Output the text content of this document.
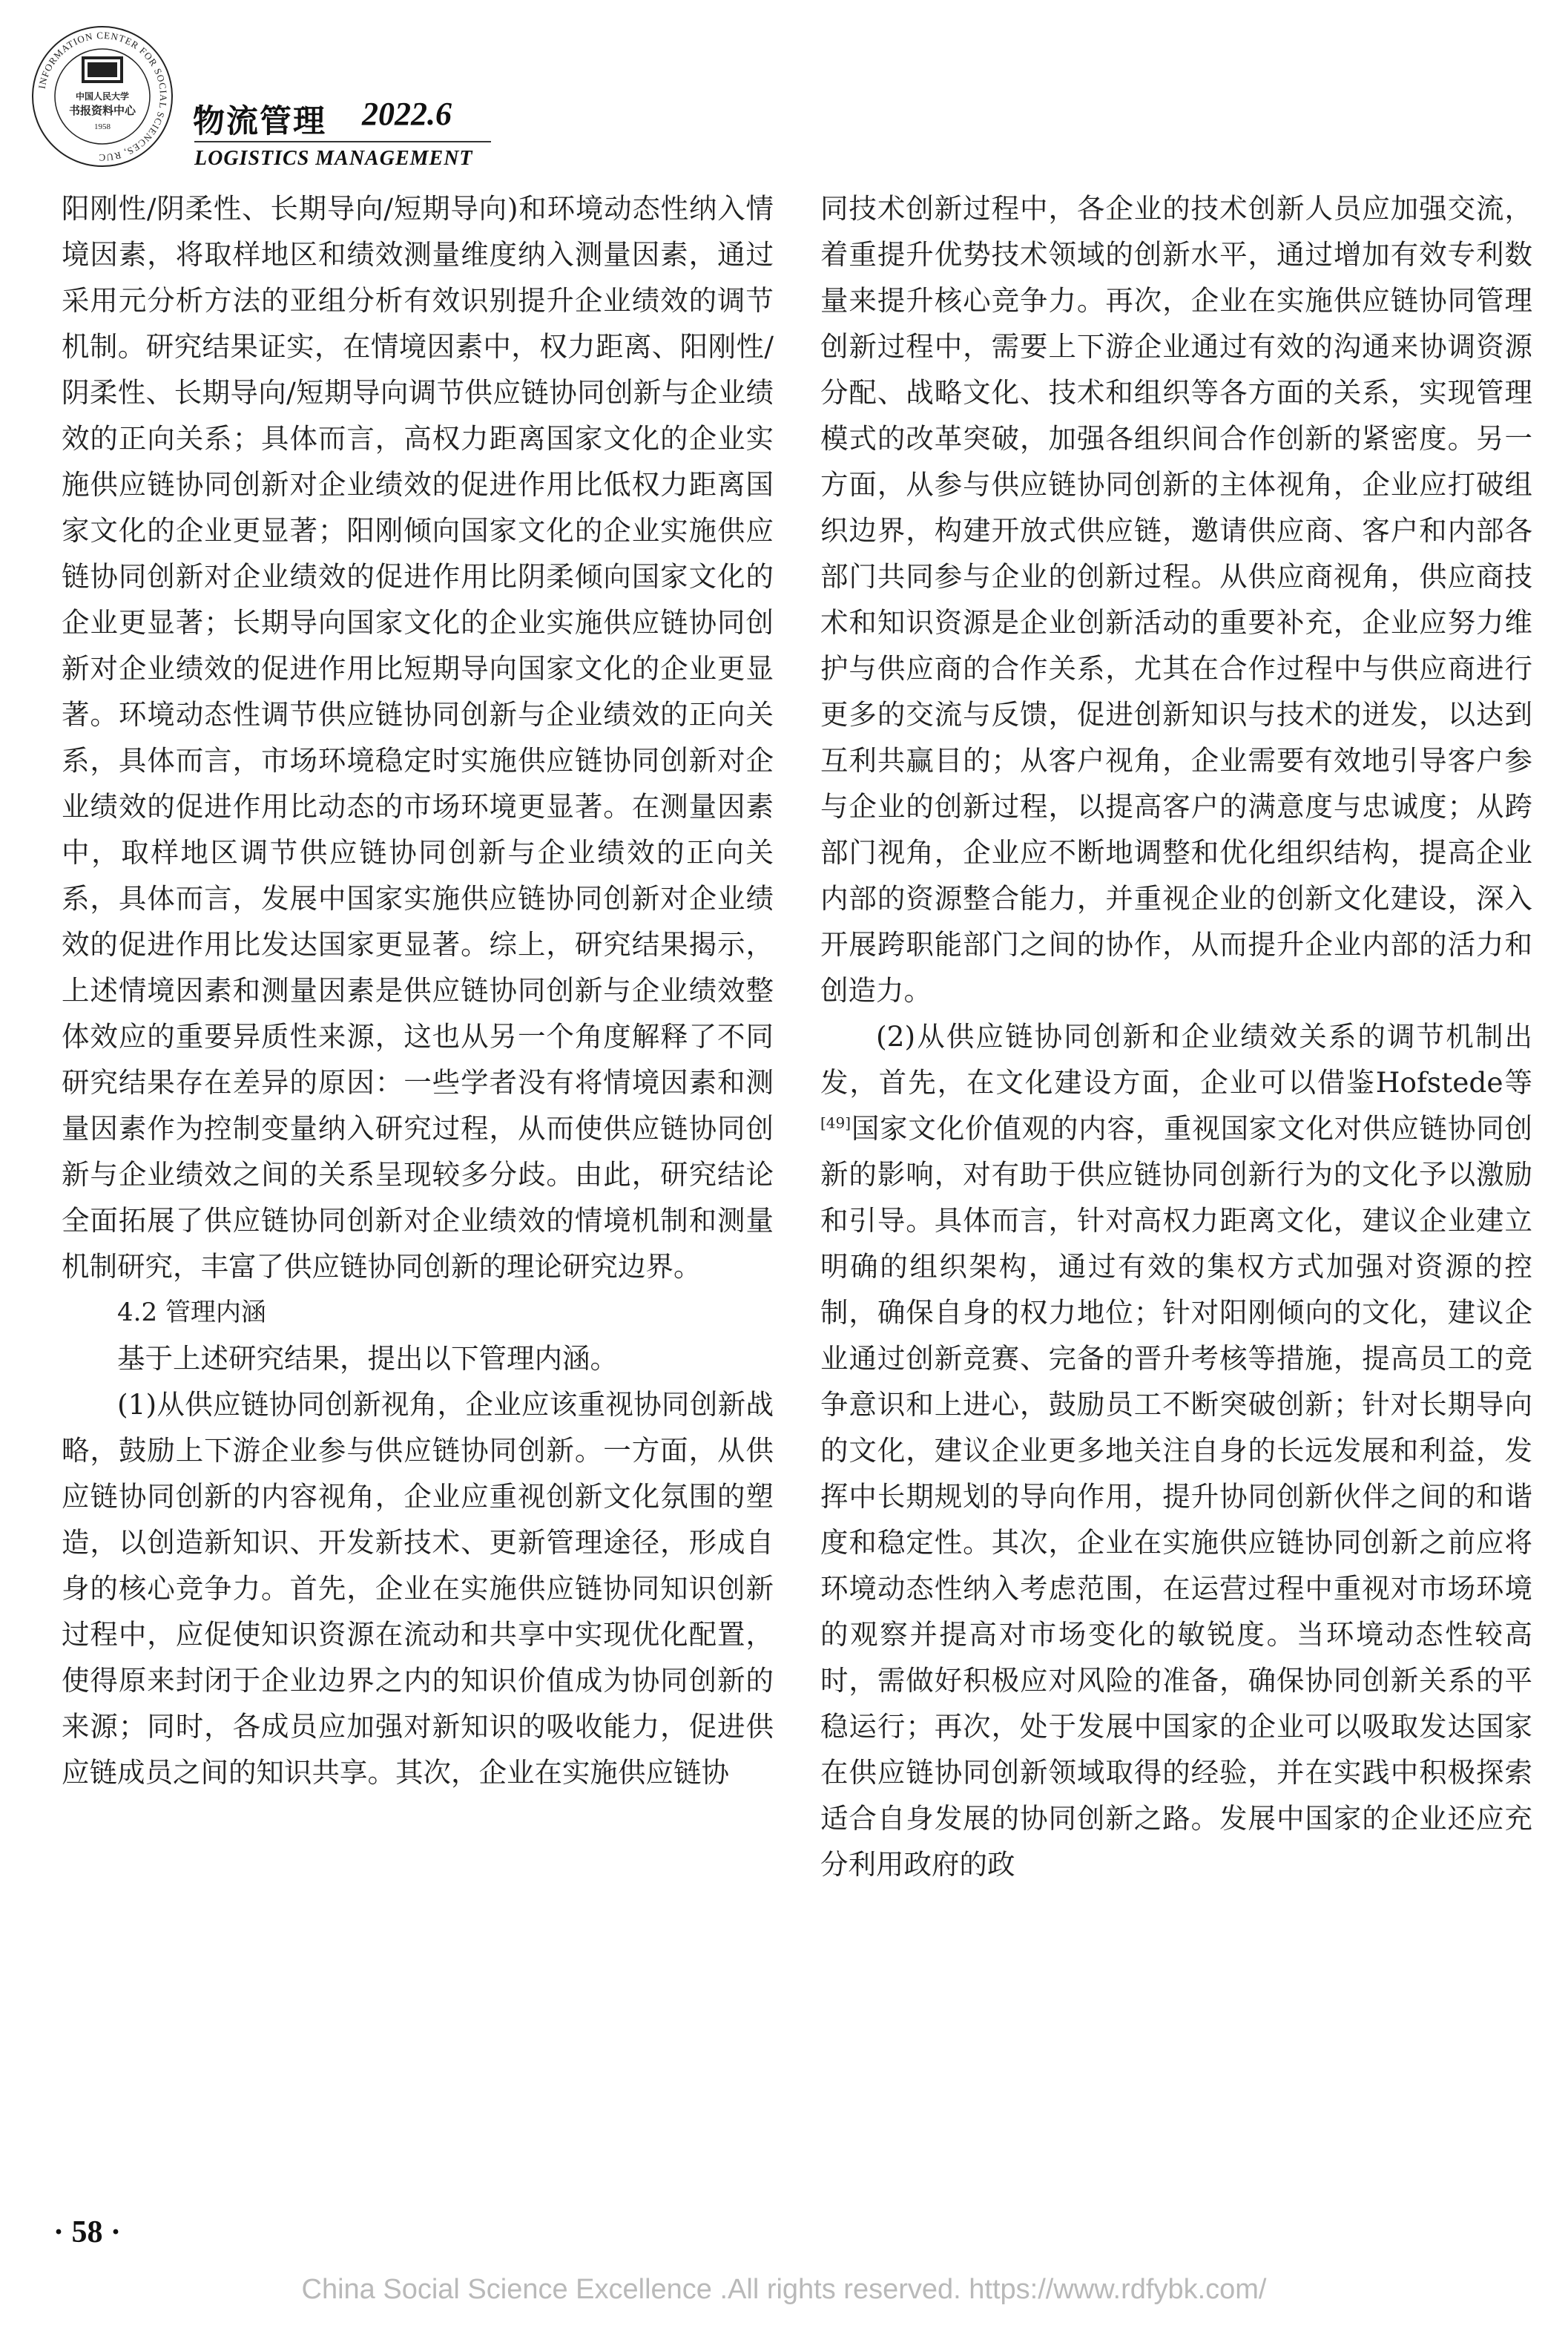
INFORMATION CENTER FOR SOCIAL SCIENCES, RUC
中国人民大学
书报资料中心
1958	物流管理 2022.6
LOGISTICS MANAGEMENT

阳刚性/阴柔性、长期导向/短期导向)和环境动态性纳入情境因素，将取样地区和绩效测量维度纳入测量因素，通过采用元分析方法的亚组分析有效识别提升企业绩效的调节机制。研究结果证实，在情境因素中，权力距离、阳刚性/阴柔性、长期导向/短期导向调节供应链协同创新与企业绩效的正向关系；具体而言，高权力距离国家文化的企业实施供应链协同创新对企业绩效的促进作用比低权力距离国家文化的企业更显著；阳刚倾向国家文化的企业实施供应链协同创新对企业绩效的促进作用比阴柔倾向国家文化的企业更显著；长期导向国家文化的企业实施供应链协同创新对企业绩效的促进作用比短期导向国家文化的企业更显著。环境动态性调节供应链协同创新与企业绩效的正向关系，具体而言，市场环境稳定时实施供应链协同创新对企业绩效的促进作用比动态的市场环境更显著。在测量因素中，取样地区调节供应链协同创新与企业绩效的正向关系，具体而言，发展中国家实施供应链协同创新对企业绩效的促进作用比发达国家更显著。综上，研究结果揭示，上述情境因素和测量因素是供应链协同创新与企业绩效整体效应的重要异质性来源，这也从另一个角度解释了不同研究结果存在差异的原因：一些学者没有将情境因素和测量因素作为控制变量纳入研究过程，从而使供应链协同创新与企业绩效之间的关系呈现较多分歧。由此，研究结论全面拓展了供应链协同创新对企业绩效的情境机制和测量机制研究，丰富了供应链协同创新的理论研究边界。

4.2 管理内涵

基于上述研究结果，提出以下管理内涵。

(1)从供应链协同创新视角，企业应该重视协同创新战略，鼓励上下游企业参与供应链协同创新。一方面，从供应链协同创新的内容视角，企业应重视创新文化氛围的塑造，以创造新知识、开发新技术、更新管理途径，形成自身的核心竞争力。首先，企业在实施供应链协同知识创新过程中，应促使知识资源在流动和共享中实现优化配置，使得原来封闭于企业边界之内的知识价值成为协同创新的来源；同时，各成员应加强对新知识的吸收能力，促进供应链成员之间的知识共享。其次，企业在实施供应链协

同技术创新过程中，各企业的技术创新人员应加强交流，着重提升优势技术领域的创新水平，通过增加有效专利数量来提升核心竞争力。再次，企业在实施供应链协同管理创新过程中，需要上下游企业通过有效的沟通来协调资源分配、战略文化、技术和组织等各方面的关系，实现管理模式的改革突破，加强各组织间合作创新的紧密度。另一方面，从参与供应链协同创新的主体视角，企业应打破组织边界，构建开放式供应链，邀请供应商、客户和内部各部门共同参与企业的创新过程。从供应商视角，供应商技术和知识资源是企业创新活动的重要补充，企业应努力维护与供应商的合作关系，尤其在合作过程中与供应商进行更多的交流与反馈，促进创新知识与技术的迸发，以达到互利共赢目的；从客户视角，企业需要有效地引导客户参与企业的创新过程，以提高客户的满意度与忠诚度；从跨部门视角，企业应不断地调整和优化组织结构，提高企业内部的资源整合能力，并重视企业的创新文化建设，深入开展跨职能部门之间的协作，从而提升企业内部的活力和创造力。

(2)从供应链协同创新和企业绩效关系的调节机制出发，首先，在文化建设方面，企业可以借鉴Hofstede等[49]国家文化价值观的内容，重视国家文化对供应链协同创新的影响，对有助于供应链协同创新行为的文化予以激励和引导。具体而言，针对高权力距离文化，建议企业建立明确的组织架构，通过有效的集权方式加强对资源的控制，确保自身的权力地位；针对阳刚倾向的文化，建议企业通过创新竞赛、完备的晋升考核等措施，提高员工的竞争意识和上进心，鼓励员工不断突破创新；针对长期导向的文化，建议企业更多地关注自身的长远发展和利益，发挥中长期规划的导向作用，提升协同创新伙伴之间的和谐度和稳定性。其次，企业在实施供应链协同创新之前应将环境动态性纳入考虑范围，在运营过程中重视对市场环境的观察并提高对市场变化的敏锐度。当环境动态性较高时，需做好积极应对风险的准备，确保协同创新关系的平稳运行；再次，处于发展中国家的企业可以吸取发达国家在供应链协同创新领域取得的经验，并在实践中积极探索适合自身发展的协同创新之路。发展中国家的企业还应充分利用政府的政

· 58 ·
China Social Science Excellence .All rights reserved. https://www.rdfybk.com/
